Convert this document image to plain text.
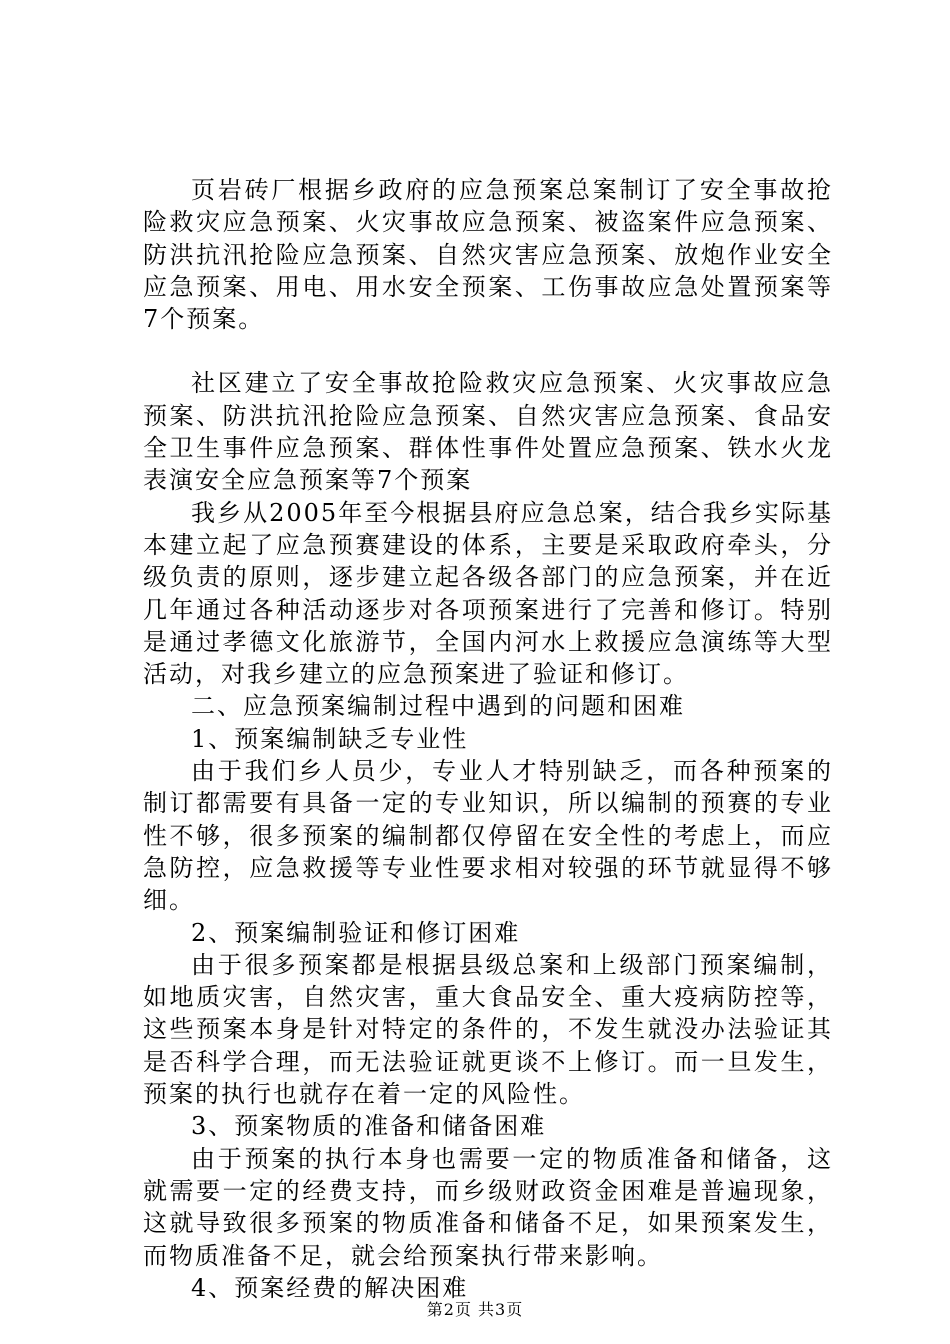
页岩砖厂根据乡政府的应急预案总案制订了安全事故抢险救灾应急预案、火灾事故应急预案、被盗案件应急预案、防洪抗汛抢险应急预案、自然灾害应急预案、放炮作业安全应急预案、用电、用水安全预案、工伤事故应急处置预案等7个预案。

社区建立了安全事故抢险救灾应急预案、火灾事故应急预案、防洪抗汛抢险应急预案、自然灾害应急预案、食品安全卫生事件应急预案、群体性事件处置应急预案、铁水火龙表演安全应急预案等7个预案

我乡从2005年至今根据县府应急总案，结合我乡实际基本建立起了应急预赛建设的体系，主要是采取政府牵头，分级负责的原则，逐步建立起各级各部门的应急预案，并在近几年通过各种活动逐步对各项预案进行了完善和修订。特别是通过孝德文化旅游节，全国内河水上救援应急演练等大型活动，对我乡建立的应急预案进了验证和修订。

二、应急预案编制过程中遇到的问题和困难

1、预案编制缺乏专业性

由于我们乡人员少，专业人才特别缺乏，而各种预案的制订都需要有具备一定的专业知识，所以编制的预赛的专业性不够，很多预案的编制都仅停留在安全性的考虑上，而应急防控，应急救援等专业性要求相对较强的环节就显得不够细。

2、预案编制验证和修订困难

由于很多预案都是根据县级总案和上级部门预案编制，如地质灾害，自然灾害，重大食品安全、重大疫病防控等，这些预案本身是针对特定的条件的，不发生就没办法验证其是否科学合理，而无法验证就更谈不上修订。而一旦发生，预案的执行也就存在着一定的风险性。

3、预案物质的准备和储备困难

由于预案的执行本身也需要一定的物质准备和储备，这就需要一定的经费支持，而乡级财政资金困难是普遍现象，这就导致很多预案的物质准备和储备不足，如果预案发生，而物质准备不足，就会给预案执行带来影响。

4、预案经费的解决困难

第2页 共3页
